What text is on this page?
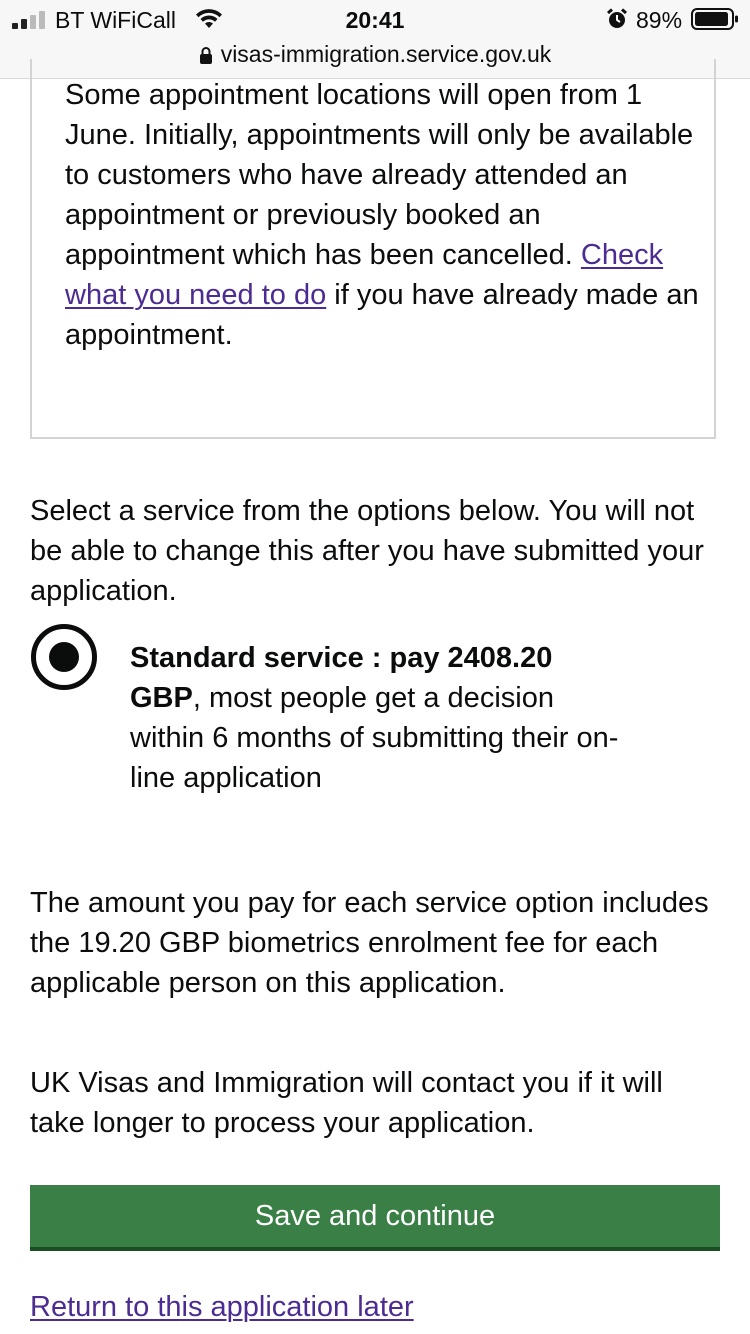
BT WiFiCall	20:41	89%
visas-immigration.service.gov.uk

Some appointment locations will open from 1 June. Initially, appointments will only be available to customers who have already attended an appointment or previously booked an appointment which has been cancelled. Check what you need to do if you have already made an appointment.

Select a service from the options below. You will not be able to change this after you have submitted your application.

Standard service : pay 2408.20 GBP, most people get a decision within 6 months of submitting their on-line application

The amount you pay for each service option includes the 19.20 GBP biometrics enrolment fee for each applicable person on this application.

UK Visas and Immigration will contact you if it will take longer to process your application.

Save and continue
Return to this application later
